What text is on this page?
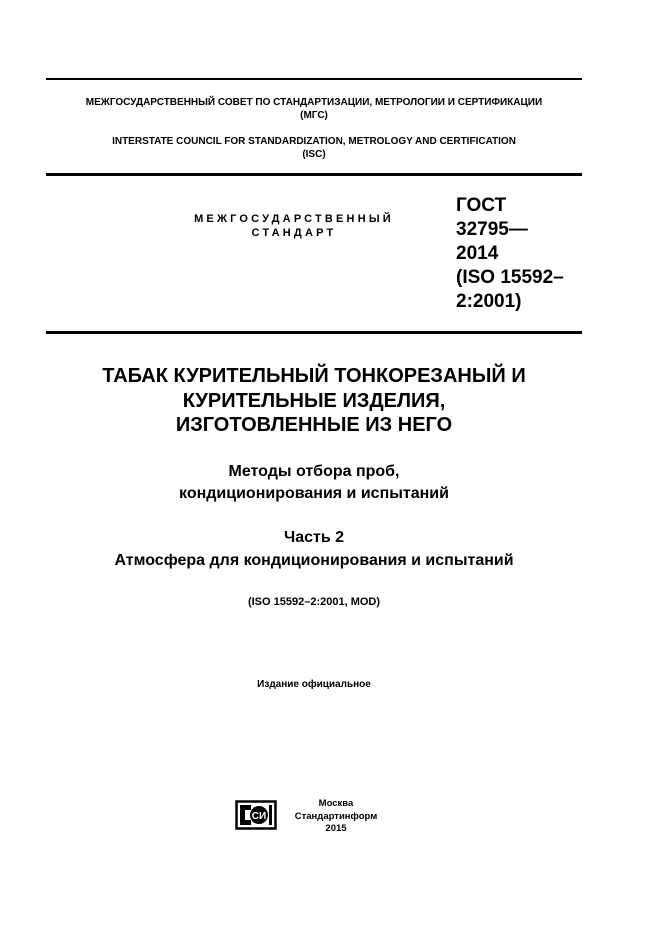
МЕЖГОСУДАРСТВЕННЫЙ СОВЕТ ПО СТАНДАРТИЗАЦИИ, МЕТРОЛОГИИ И СЕРТИФИКАЦИИ
(МГС)
INTERSTATE COUNCIL FOR STANDARDIZATION, METROLOGY AND CERTIFICATION
(ISC)
МЕЖГОСУДАРСТВЕННЫЙ
СТАНДАРТ
ГОСТ
32795—
2014
(ISO 15592–
2:2001)
ТАБАК КУРИТЕЛЬНЫЙ ТОНКОРЕЗАНЫЙ И
КУРИТЕЛЬНЫЕ ИЗДЕЛИЯ,
ИЗГОТОВЛЕННЫЕ ИЗ НЕГО
Методы отбора проб,
кондиционирования и испытаний
Часть 2
Атмосфера для кондиционирования и испытаний
(ISO 15592–2:2001, MOD)
Издание официальное
СИ
Москва
Стандартинформ
2015
